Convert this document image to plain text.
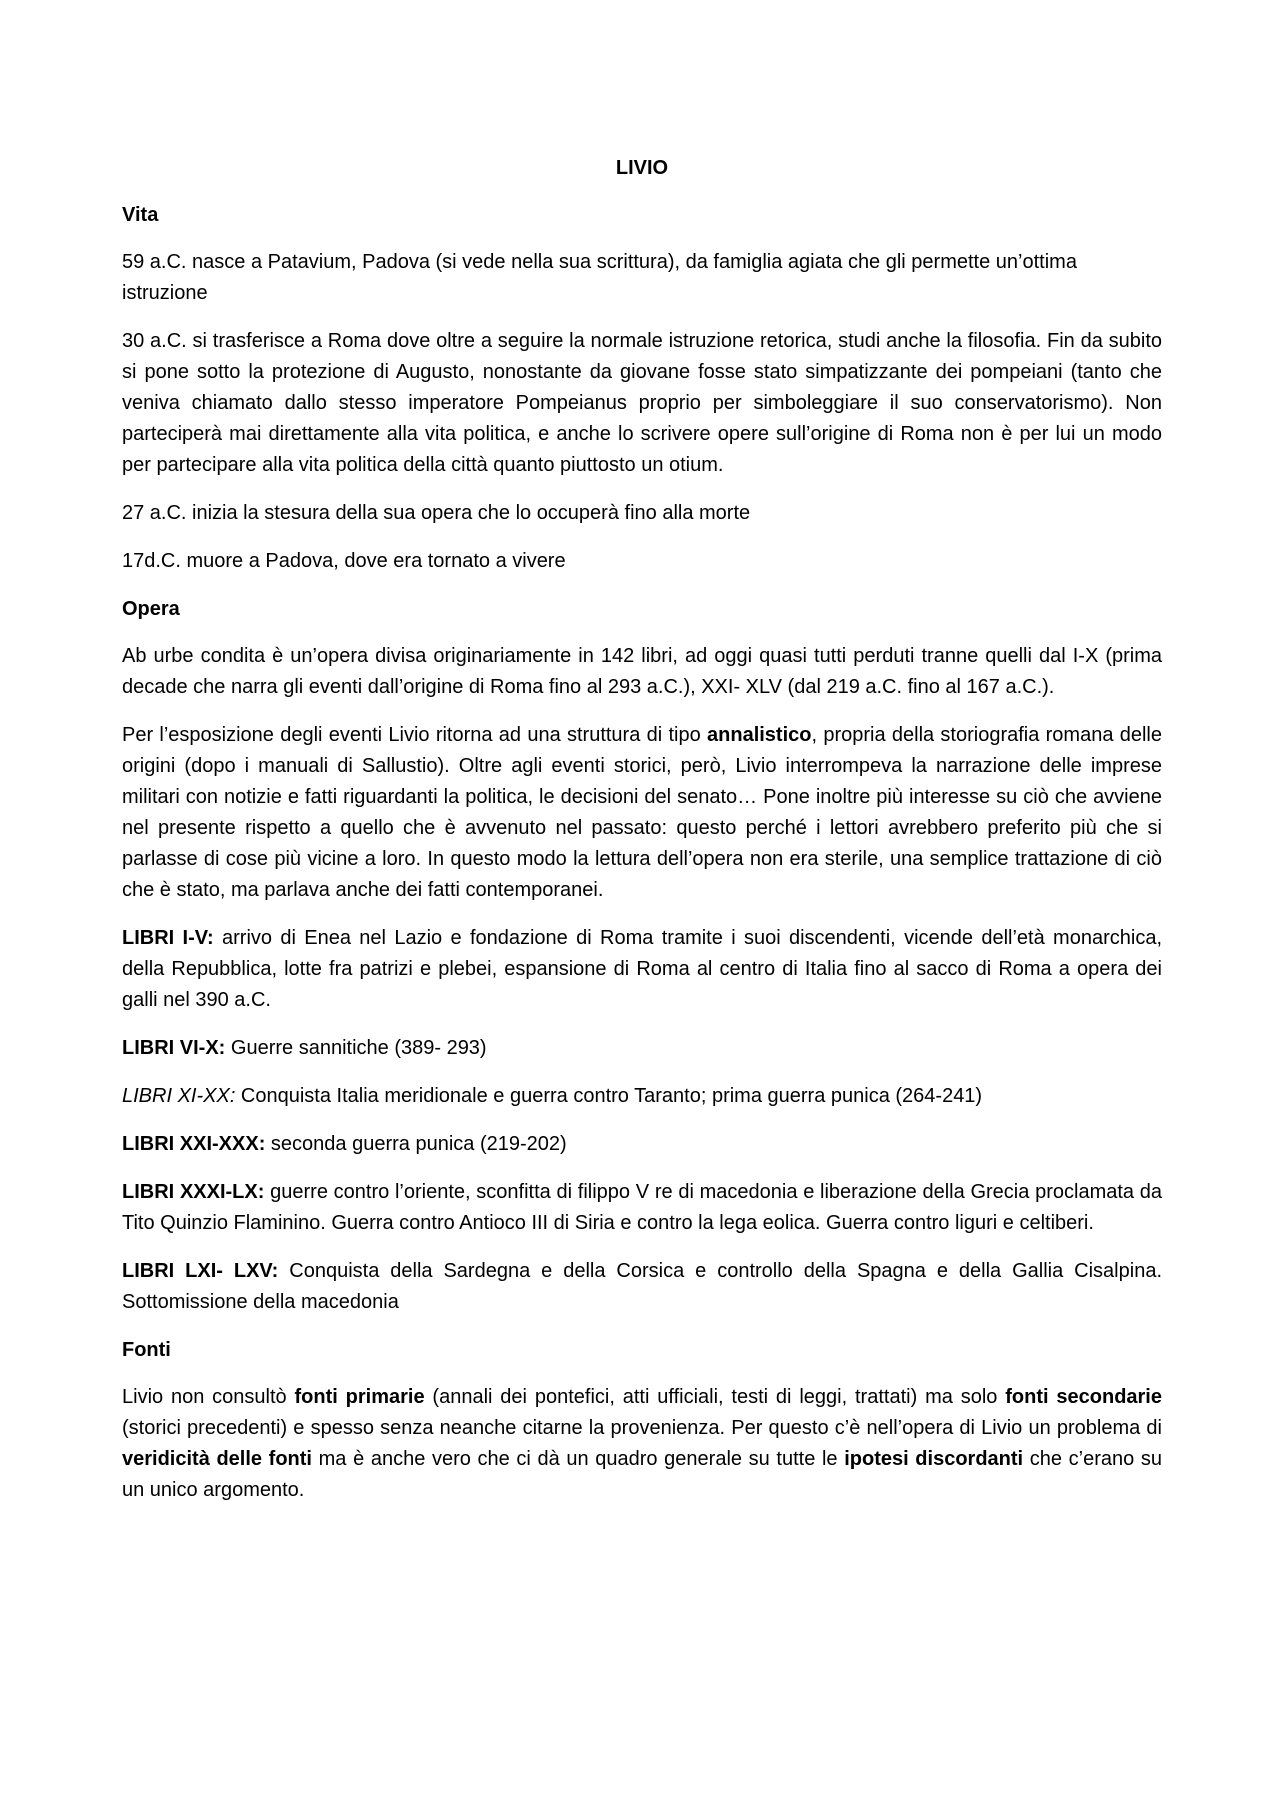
LIVIO
Vita

59 a.C. nasce a Patavium, Padova (si vede nella sua scrittura), da famiglia agiata che gli permette un’ottima istruzione

30 a.C. si trasferisce a Roma dove oltre a seguire la normale istruzione retorica, studi anche la filosofia. Fin da subito si pone sotto la protezione di Augusto, nonostante da giovane fosse stato simpatizzante dei pompeiani (tanto che veniva chiamato dallo stesso imperatore Pompeianus proprio per simboleggiare il suo conservatorismo). Non parteciperà mai direttamente alla vita politica, e anche lo scrivere opere sull’origine di Roma non è per lui un modo per partecipare alla vita politica della città quanto piuttosto un otium.

27 a.C. inizia la stesura della sua opera che lo occuperà fino alla morte

17d.C. muore a Padova, dove era tornato a vivere

Opera

Ab urbe condita è un’opera divisa originariamente in 142 libri, ad oggi quasi tutti perduti tranne quelli dal I-X (prima decade che narra gli eventi dall’origine di Roma fino al 293 a.C.), XXI- XLV (dal 219 a.C. fino al 167 a.C.).

Per l’esposizione degli eventi Livio ritorna ad una struttura di tipo annalistico, propria della storiografia romana delle origini (dopo i manuali di Sallustio). Oltre agli eventi storici, però, Livio interrompeva la narrazione delle imprese militari con notizie e fatti riguardanti la politica, le decisioni del senato… Pone inoltre più interesse su ciò che avviene nel presente rispetto a quello che è avvenuto nel passato: questo perché i lettori avrebbero preferito più che si parlasse di cose più vicine a loro. In questo modo la lettura dell’opera non era sterile, una semplice trattazione di ciò che è stato, ma parlava anche dei fatti contemporanei.

LIBRI I-V: arrivo di Enea nel Lazio e fondazione di Roma tramite i suoi discendenti, vicende dell’età monarchica, della Repubblica, lotte fra patrizi e plebei, espansione di Roma al centro di Italia fino al sacco di Roma a opera dei galli nel 390 a.C.

LIBRI VI-X: Guerre sannitiche (389- 293)

LIBRI XI-XX: Conquista Italia meridionale e guerra contro Taranto; prima guerra punica (264-241)

LIBRI XXI-XXX: seconda guerra punica (219-202)

LIBRI XXXI-LX: guerre contro l’oriente, sconfitta di filippo V re di macedonia e liberazione della Grecia proclamata da Tito Quinzio Flaminino. Guerra contro Antioco III di Siria e contro la lega eolica. Guerra contro liguri e celtiberi.

LIBRI LXI- LXV: Conquista della Sardegna e della Corsica e controllo della Spagna e della Gallia Cisalpina. Sottomissione della macedonia

Fonti

Livio non consultò fonti primarie (annali dei pontefici, atti ufficiali, testi di leggi, trattati) ma solo fonti secondarie (storici precedenti) e spesso senza neanche citarne la provenienza. Per questo c’è nell’opera di Livio un problema di veridicità delle fonti ma è anche vero che ci dà un quadro generale su tutte le ipotesi discordanti che c’erano su un unico argomento.
